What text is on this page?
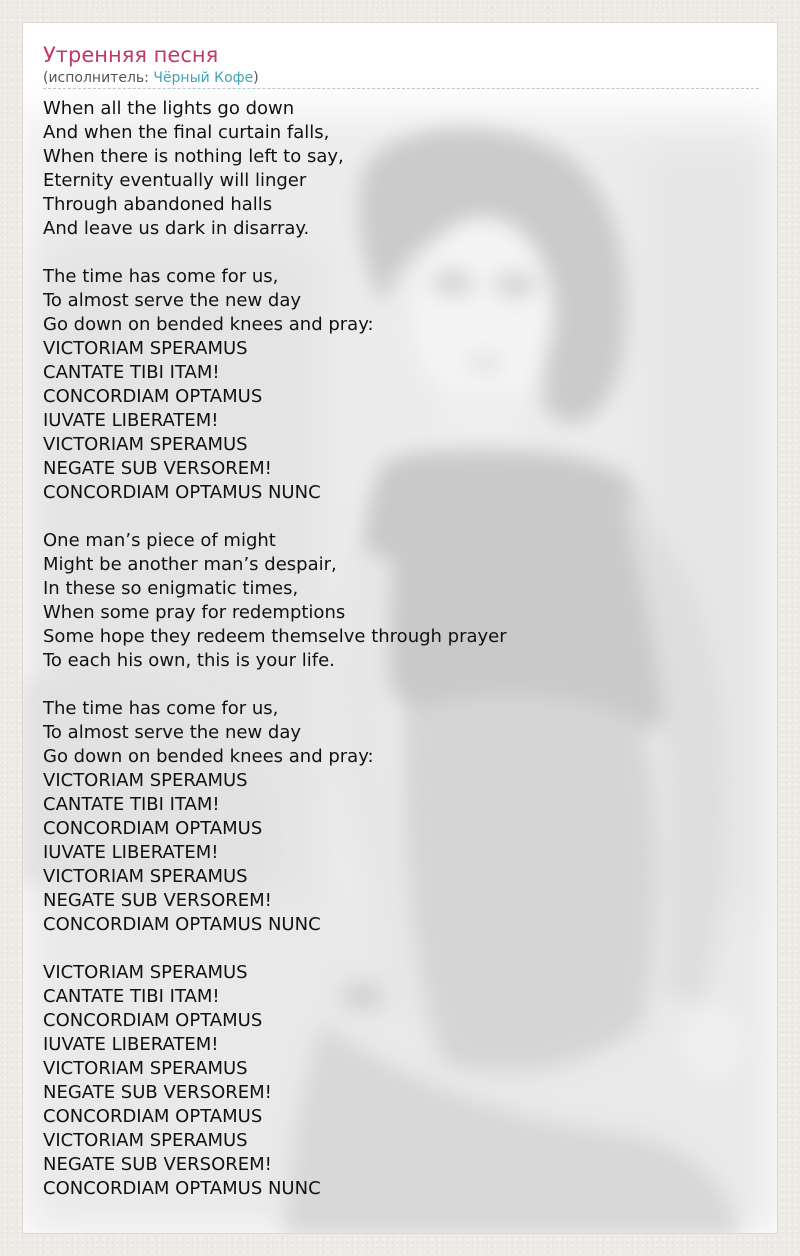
Утренняя песня
(исполнитель: Чёрный Кофе)
When all the lights go down
And when the final curtain falls,
When there is nothing left to say,
Eternity eventually will linger
Through abandoned halls
And leave us dark in disarray.
The time has come for us,
To almost serve the new day
Go down on bended knees and pray:
VICTORIAM SPERAMUS
CANTATE TIBI ITAM!
CONCORDIAM OPTAMUS
IUVATE LIBERATEM!
VICTORIAM SPERAMUS
NEGATE SUB VERSOREM!
CONCORDIAM OPTAMUS NUNC
One man’s piece of might
Might be another man’s despair,
In these so enigmatic times,
When some pray for redemptions
Some hope they redeem themselve through prayer
To each his own, this is your life.
The time has come for us,
To almost serve the new day
Go down on bended knees and pray:
VICTORIAM SPERAMUS
CANTATE TIBI ITAM!
CONCORDIAM OPTAMUS
IUVATE LIBERATEM!
VICTORIAM SPERAMUS
NEGATE SUB VERSOREM!
CONCORDIAM OPTAMUS NUNC
VICTORIAM SPERAMUS
CANTATE TIBI ITAM!
CONCORDIAM OPTAMUS
IUVATE LIBERATEM!
VICTORIAM SPERAMUS
NEGATE SUB VERSOREM!
CONCORDIAM OPTAMUS
VICTORIAM SPERAMUS
NEGATE SUB VERSOREM!
CONCORDIAM OPTAMUS NUNC
